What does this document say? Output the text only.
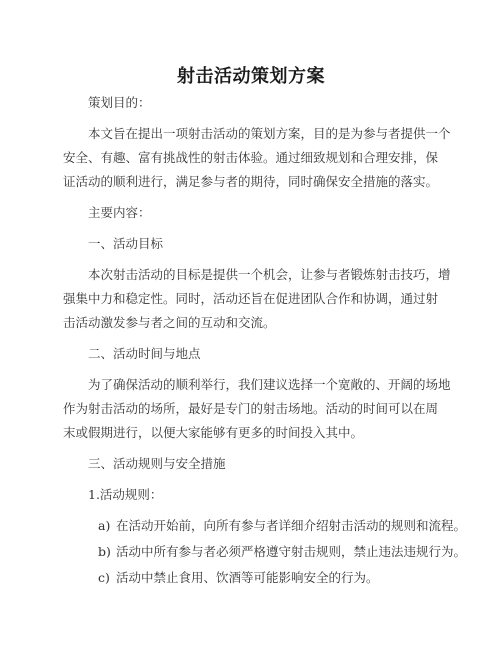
射击活动策划方案
策划目的：
本文旨在提出一项射击活动的策划方案，目的是为参与者提供一个
安全、有趣、富有挑战性的射击体验。通过细致规划和合理安排，保
证活动的顺利进行，满足参与者的期待，同时确保安全措施的落实。
主要内容：
一、活动目标
本次射击活动的目标是提供一个机会，让参与者锻炼射击技巧，增
强集中力和稳定性。同时，活动还旨在促进团队合作和协调，通过射
击活动激发参与者之间的互动和交流。
二、活动时间与地点
为了确保活动的顺利举行，我们建议选择一个宽敞的、开阔的场地
作为射击活动的场所，最好是专门的射击场地。活动的时间可以在周
末或假期进行，以便大家能够有更多的时间投入其中。
三、活动规则与安全措施
1.活动规则：
a) 在活动开始前，向所有参与者详细介绍射击活动的规则和流程。
b) 活动中所有参与者必须严格遵守射击规则，禁止违法违规行为。
c) 活动中禁止食用、饮酒等可能影响安全的行为。
